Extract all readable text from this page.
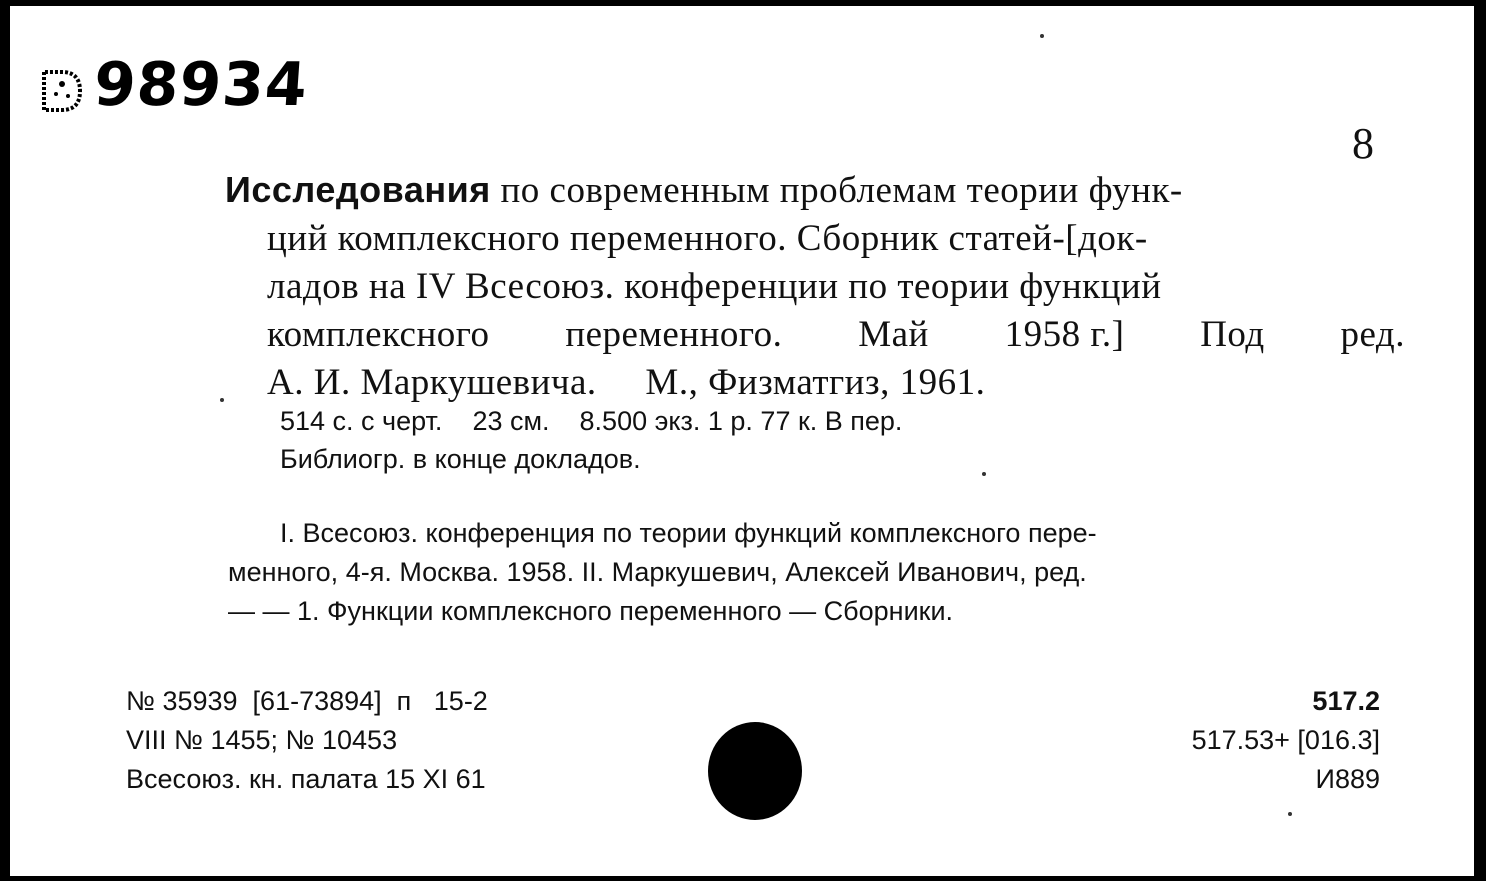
98934
8
Исследования по современным проблемам теории функ-
ций комплексного переменного. Сборник статей-[док-
ладов на IV Всесоюз. конференции по теории функций
комплексного переменного. Май 1958 г.] Под ред.
А. И. Маркушевича.     М., Физматгиз, 1961.
514 с. с черт.    23 см.    8.500 экз. 1 р. 77 к. В пер.
Библиогр. в конце докладов.
I. Всесоюз. конференция по теории функций комплексного пере-
менного, 4-я. Москва. 1958. II. Маркушевич, Алексей Иванович, ред.
— — 1. Функции комплексного переменного — Сборники.
№ 35939  [61-73894]  п   15-2
VIII № 1455; № 10453
Всесоюз. кн. палата 15 XI 61
517.2
517.53+ [016.3]
И889
